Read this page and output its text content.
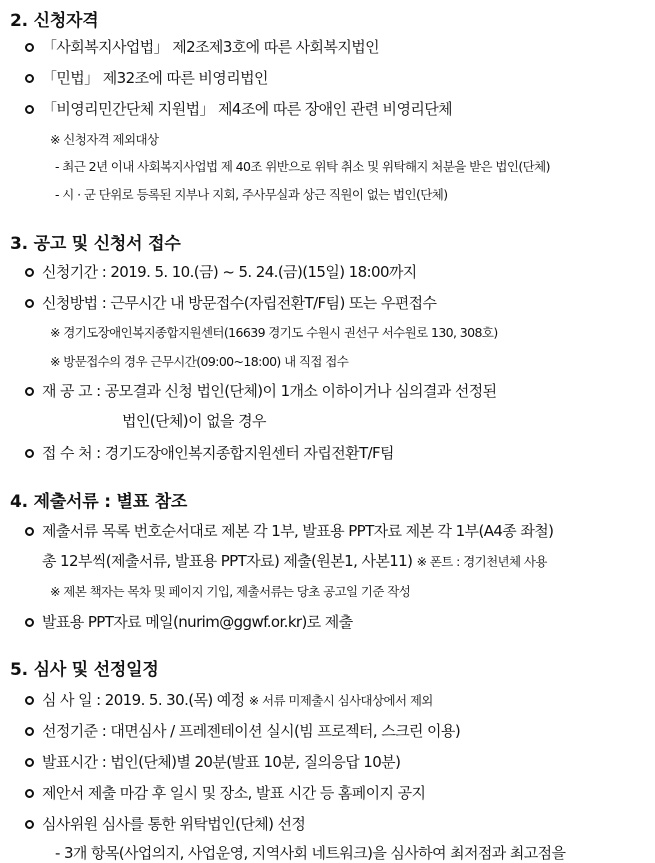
2. 신청자격
「사회복지사업법」 제2조제3호에 따른 사회복지법인
「민법」 제32조에 따른 비영리법인
「비영리민간단체 지원법」 제4조에 따른 장애인 관련 비영리단체
※ 신청자격 제외대상
- 최근 2년 이내 사회복지사업법 제 40조 위반으로 위탁 취소 및 위탁해지 처분을 받은 법인(단체)
- 시 · 군 단위로 등록된 지부나 지회, 주사무실과 상근 직원이 없는 법인(단체)
3. 공고 및 신청서 접수
신청기간 : 2019. 5. 10.(금) ~ 5. 24.(금)(15일) 18:00까지
신청방법 : 근무시간 내 방문접수(자립전환T/F팀) 또는 우편접수
※ 경기도장애인복지종합지원센터(16639 경기도 수원시 권선구 서수원로 130, 308호)
※ 방문접수의 경우 근무시간(09:00~18:00) 내 직접 접수
재 공 고 : 공모결과 신청 법인(단체)이 1개소 이하이거나 심의결과 선정된
법인(단체)이 없을 경우
접 수 처 : 경기도장애인복지종합지원센터 자립전환T/F팀
4. 제출서류 : 별표 참조
제출서류 목록 번호순서대로 제본 각 1부, 발표용 PPT자료 제본 각 1부(A4종 좌철)
총 12부씩(제출서류, 발표용 PPT자료) 제출(원본1, 사본11) ※ 폰트 : 경기천년체 사용
※ 제본 책자는 목차 및 페이지 기입, 제출서류는 당초 공고일 기준 작성
발표용 PPT자료 메일(nurim@ggwf.or.kr)로 제출
5. 심사 및 선정일정
심 사 일 : 2019. 5. 30.(목) 예정 ※ 서류 미제출시 심사대상에서 제외
선정기준 : 대면심사 / 프레젠테이션 실시(빔 프로젝터, 스크린 이용)
발표시간 : 법인(단체)별 20분(발표 10분, 질의응답 10분)
제안서 제출 마감 후 일시 및 장소, 발표 시간 등 홈페이지 공지
심사위원 심사를 통한 위탁법인(단체) 선정
- 3개 항목(사업의지, 사업운영, 지역사회 네트워크)을 심사하여 최저점과 최고점을
